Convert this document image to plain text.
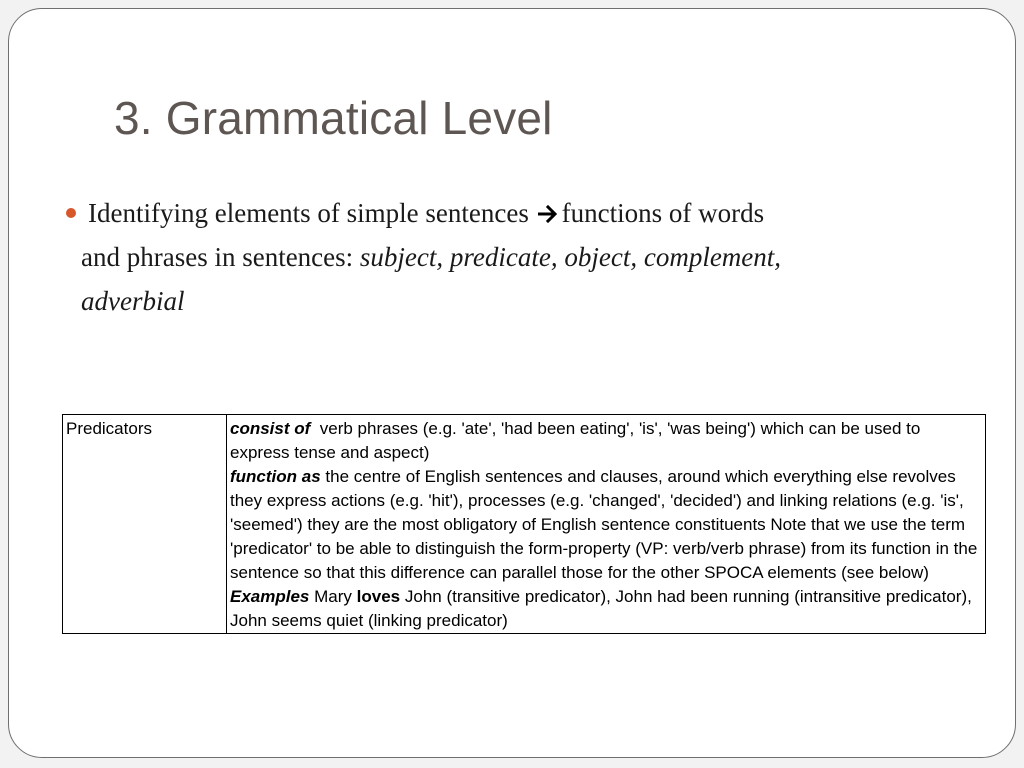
3. Grammatical Level
Identifying elements of simple sentences functions of words
and phrases in sentences: subject, predicate, object, complement,
adverbial
Predicators	consist of verb phrases (e.g. 'ate', 'had been eating', 'is', 'was being') which can be used to express tense and aspect)
function as the centre of English sentences and clauses, around which everything else revolves they express actions (e.g. 'hit'), processes (e.g. 'changed', 'decided') and linking relations (e.g. 'is', 'seemed') they are the most obligatory of English sentence constituents Note that we use the term 'predicator' to be able to distinguish the form-property (VP: verb/verb phrase) from its function in the sentence so that this difference can parallel those for the other SPOCA elements (see below)
Examples Mary loves John (transitive predicator), John had been running (intransitive predicator), John seems quiet (linking predicator)
